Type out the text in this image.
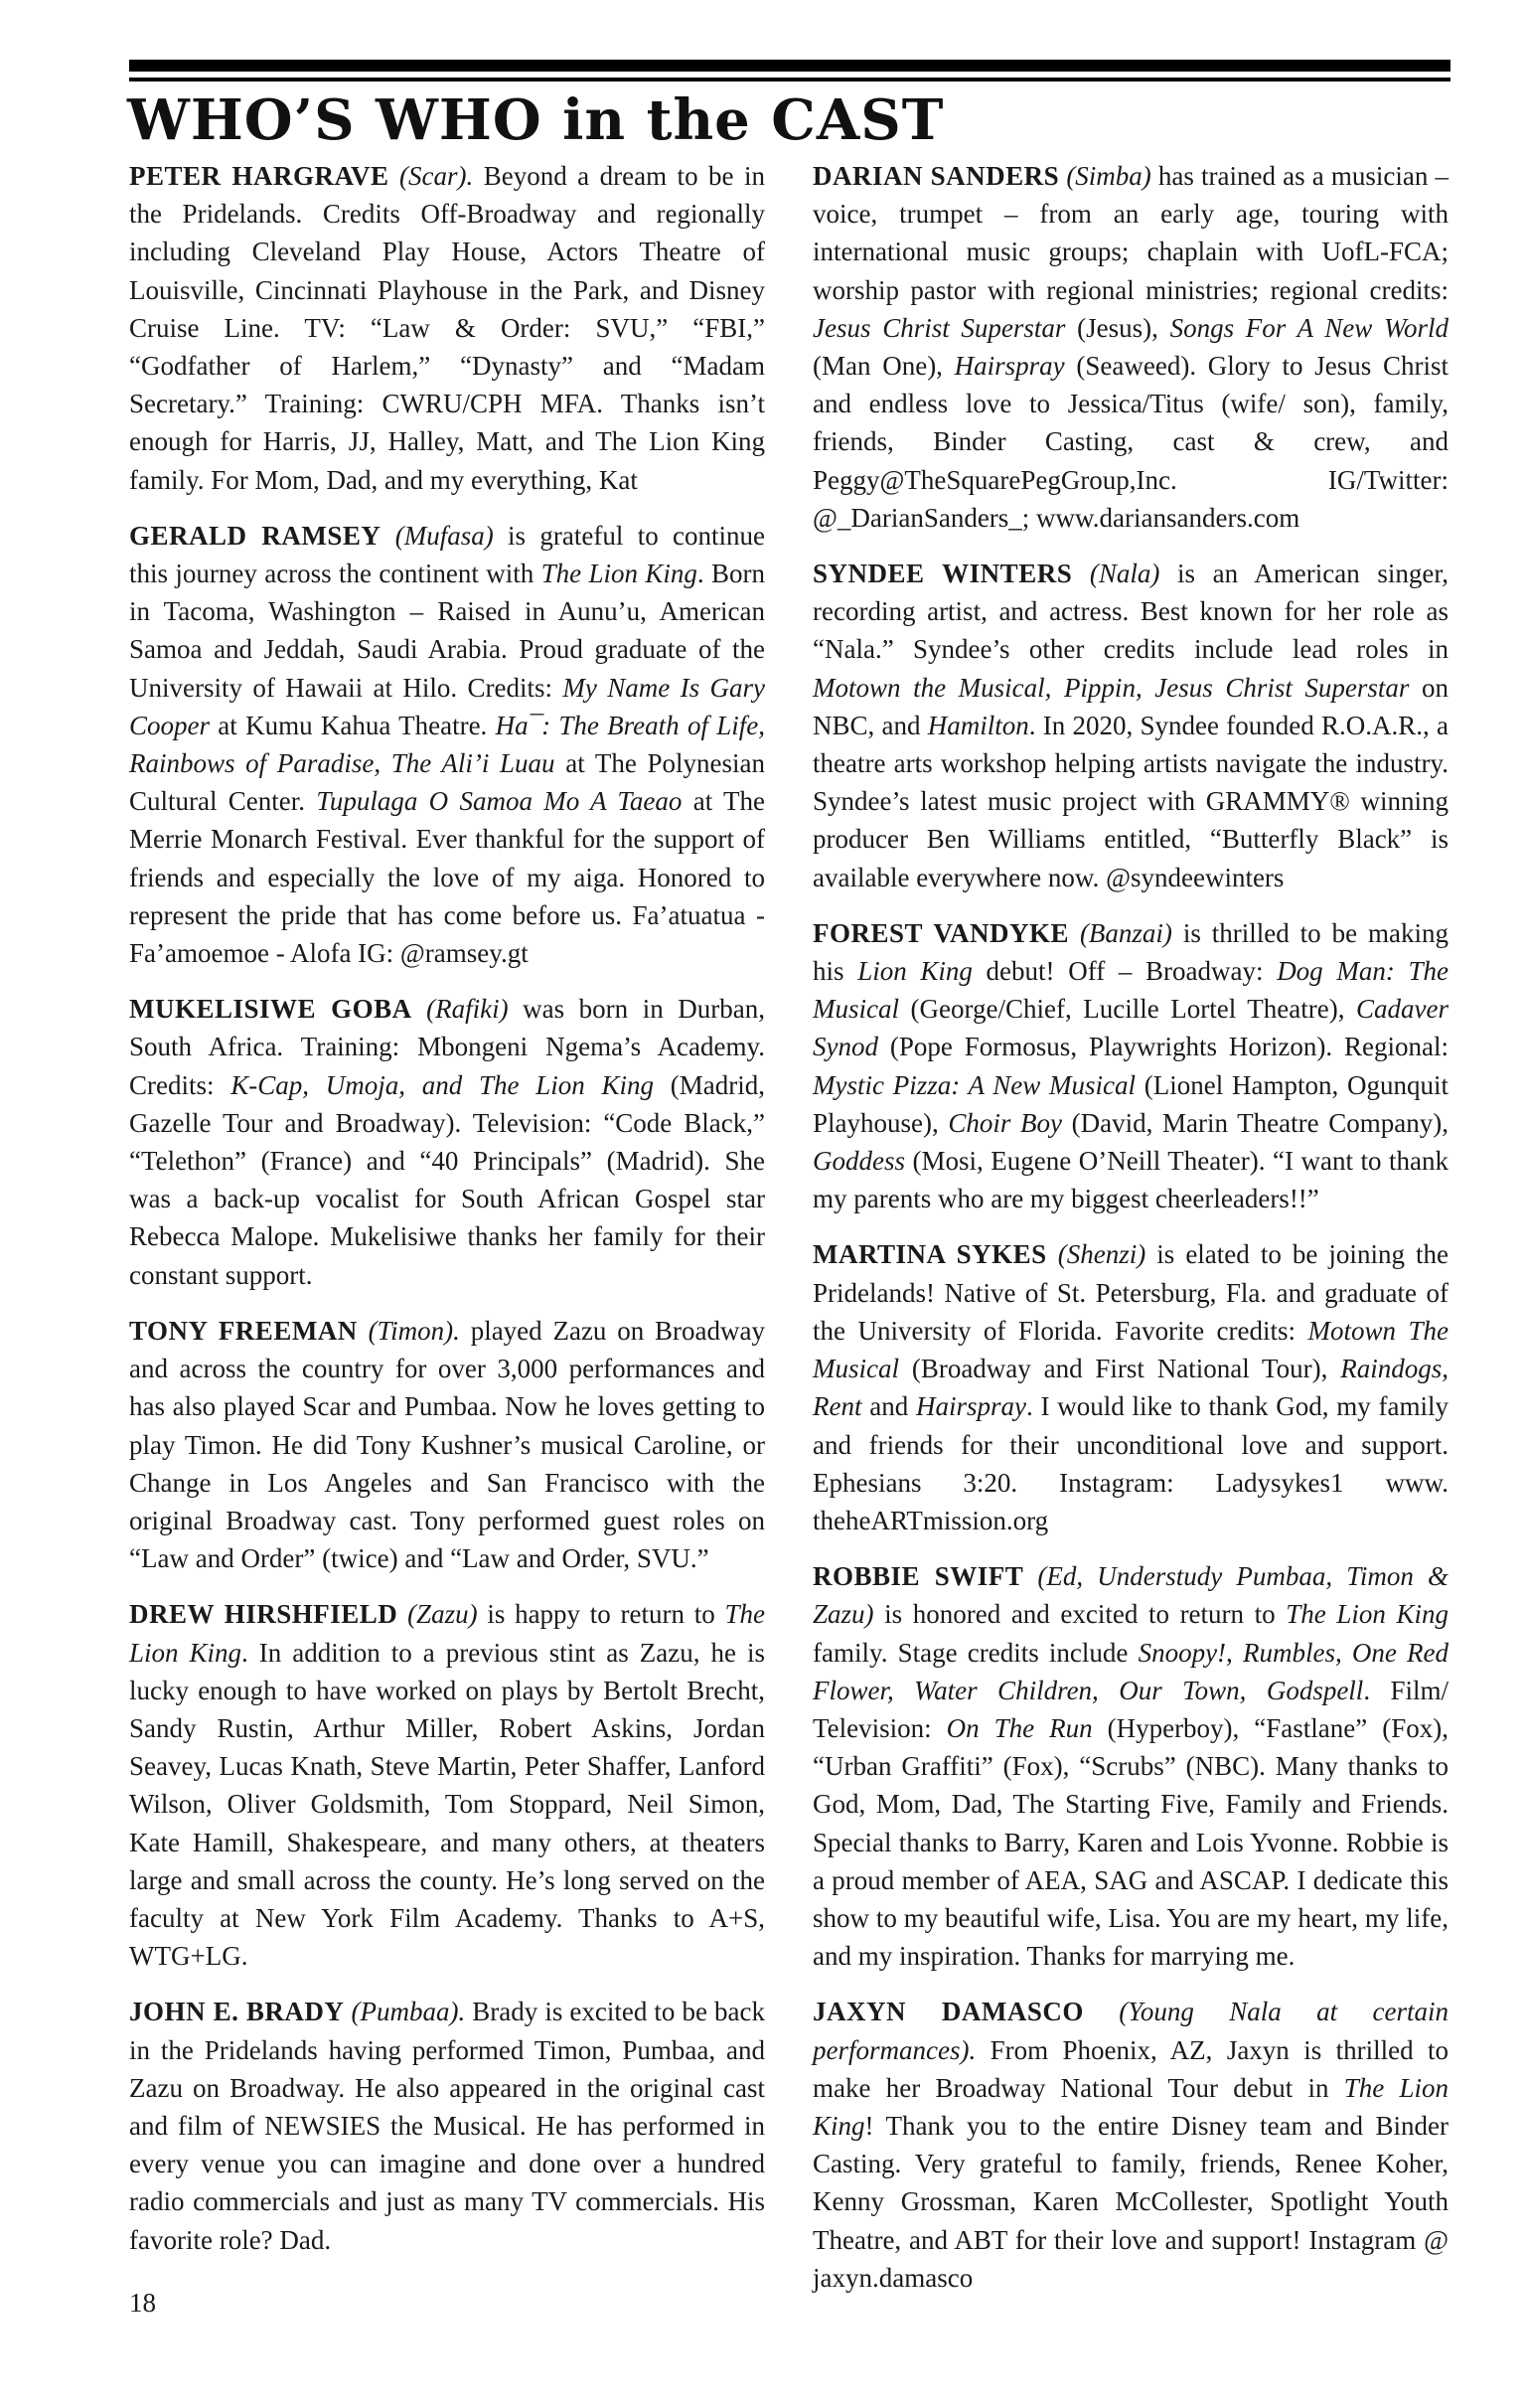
WHO’S WHO in the CAST

PETER HARGRAVE (Scar). Beyond a dream to be in the Pridelands. Credits Off-Broadway and regionally including Cleveland Play House, Actors Theatre of Louisville, Cincinnati Playhouse in the Park, and Disney Cruise Line. TV: “Law & Order: SVU,” “FBI,” “Godfather of Harlem,” “Dynasty” and “Madam Secretary.” Training: CWRU/CPH MFA. Thanks isn’t enough for Harris, JJ, Halley, Matt, and The Lion King family. For Mom, Dad, and my everything, Kat

GERALD RAMSEY (Mufasa) is grateful to continue this journey across the continent with The Lion King. Born in Tacoma, Washington – Raised in Aunu’u, American Samoa and Jeddah, Saudi Arabia. Proud graduate of the University of Hawaii at Hilo. Credits: My Name Is Gary Cooper at Kumu Kahua Theatre. Ha¯: The Breath of Life, Rainbows of Paradise, The Ali’i Luau at The Polynesian Cultural Center. Tupulaga O Samoa Mo A Taeao at The Merrie Monarch Festival. Ever thankful for the support of friends and especially the love of my aiga. Honored to represent the pride that has come before us. Fa’atuatua - Fa’amoemoe - Alofa IG: @ramsey.gt

MUKELISIWE GOBA (Rafiki) was born in Durban, South Africa. Training: Mbongeni Ngema’s Academy. Credits: K-Cap, Umoja, and The Lion King (Madrid, Gazelle Tour and Broadway). Television: “Code Black,” “Telethon” (France) and “40 Principals” (Madrid). She was a back-up vocalist for South African Gospel star Rebecca Malope. Mukelisiwe thanks her family for their constant support.

TONY FREEMAN (Timon). played Zazu on Broadway and across the country for over 3,000 performances and has also played Scar and Pumbaa. Now he loves getting to play Timon. He did Tony Kushner’s musical Caroline, or Change in Los Angeles and San Francisco with the original Broadway cast. Tony performed guest roles on “Law and Order” (twice) and “Law and Order, SVU.”

DREW HIRSHFIELD (Zazu) is happy to return to The Lion King. In addition to a previous stint as Zazu, he is lucky enough to have worked on plays by Bertolt Brecht, Sandy Rustin, Arthur Miller, Robert Askins, Jordan Seavey, Lucas Knath, Steve Martin, Peter Shaffer, Lanford Wilson, Oliver Goldsmith, Tom Stoppard, Neil Simon, Kate Hamill, Shakespeare, and many others, at theaters large and small across the county. He’s long served on the faculty at New York Film Academy. Thanks to A+S, WTG+LG.

JOHN E. BRADY (Pumbaa). Brady is excited to be back in the Pridelands having performed Timon, Pumbaa, and Zazu on Broadway. He also appeared in the original cast and film of NEWSIES the Musical. He has performed in every venue you can imagine and done over a hundred radio commercials and just as many TV commercials. His favorite role? Dad.

DARIAN SANDERS (Simba) has trained as a musician – voice, trumpet – from an early age, touring with international music groups; chaplain with UofL-FCA; worship pastor with regional ministries; regional credits: Jesus Christ Superstar (Jesus), Songs For A New World (Man One), Hairspray (Seaweed). Glory to Jesus Christ and endless love to Jessica/Titus (wife/ son), family, friends, Binder Casting, cast & crew, and Peggy@TheSquarePegGroup,Inc. IG/Twitter: @_DarianSanders_; www.dariansanders.com

SYNDEE WINTERS (Nala) is an American singer, recording artist, and actress. Best known for her role as “Nala.” Syndee’s other credits include lead roles in Motown the Musical, Pippin, Jesus Christ Superstar on NBC, and Hamilton. In 2020, Syndee founded R.O.A.R., a theatre arts workshop helping artists navigate the industry. Syndee’s latest music project with GRAMMY® winning producer Ben Williams entitled, “Butterfly Black” is available everywhere now. @syndeewinters

FOREST VANDYKE (Banzai) is thrilled to be making his Lion King debut! Off – Broadway: Dog Man: The Musical (George/Chief, Lucille Lortel Theatre), Cadaver Synod (Pope Formosus, Playwrights Horizon). Regional: Mystic Pizza: A New Musical (Lionel Hampton, Ogunquit Playhouse), Choir Boy (David, Marin Theatre Company), Goddess (Mosi, Eugene O’Neill Theater). “I want to thank my parents who are my biggest cheerleaders!!”

MARTINA SYKES (Shenzi) is elated to be joining the Pridelands! Native of St. Petersburg, Fla. and graduate of the University of Florida. Favorite credits: Motown The Musical (Broadway and First National Tour), Raindogs, Rent and Hairspray. I would like to thank God, my family and friends for their unconditional love and support. Ephesians 3:20. Instagram: Ladysykes1 www. theheARTmission.org

ROBBIE SWIFT (Ed, Understudy Pumbaa, Timon & Zazu) is honored and excited to return to The Lion King family. Stage credits include Snoopy!, Rumbles, One Red Flower, Water Children, Our Town, Godspell. Film/ Television: On The Run (Hyperboy), “Fastlane” (Fox), “Urban Graffiti” (Fox), “Scrubs” (NBC). Many thanks to God, Mom, Dad, The Starting Five, Family and Friends. Special thanks to Barry, Karen and Lois Yvonne. Robbie is a proud member of AEA, SAG and ASCAP. I dedicate this show to my beautiful wife, Lisa. You are my heart, my life, and my inspiration. Thanks for marrying me.

JAXYN DAMASCO (Young Nala at certain performances). From Phoenix, AZ, Jaxyn is thrilled to make her Broadway National Tour debut in The Lion King! Thank you to the entire Disney team and Binder Casting. Very grateful to family, friends, Renee Koher, Kenny Grossman, Karen McCollester, Spotlight Youth Theatre, and ABT for their love and support! Instagram @ jaxyn.damasco

18
